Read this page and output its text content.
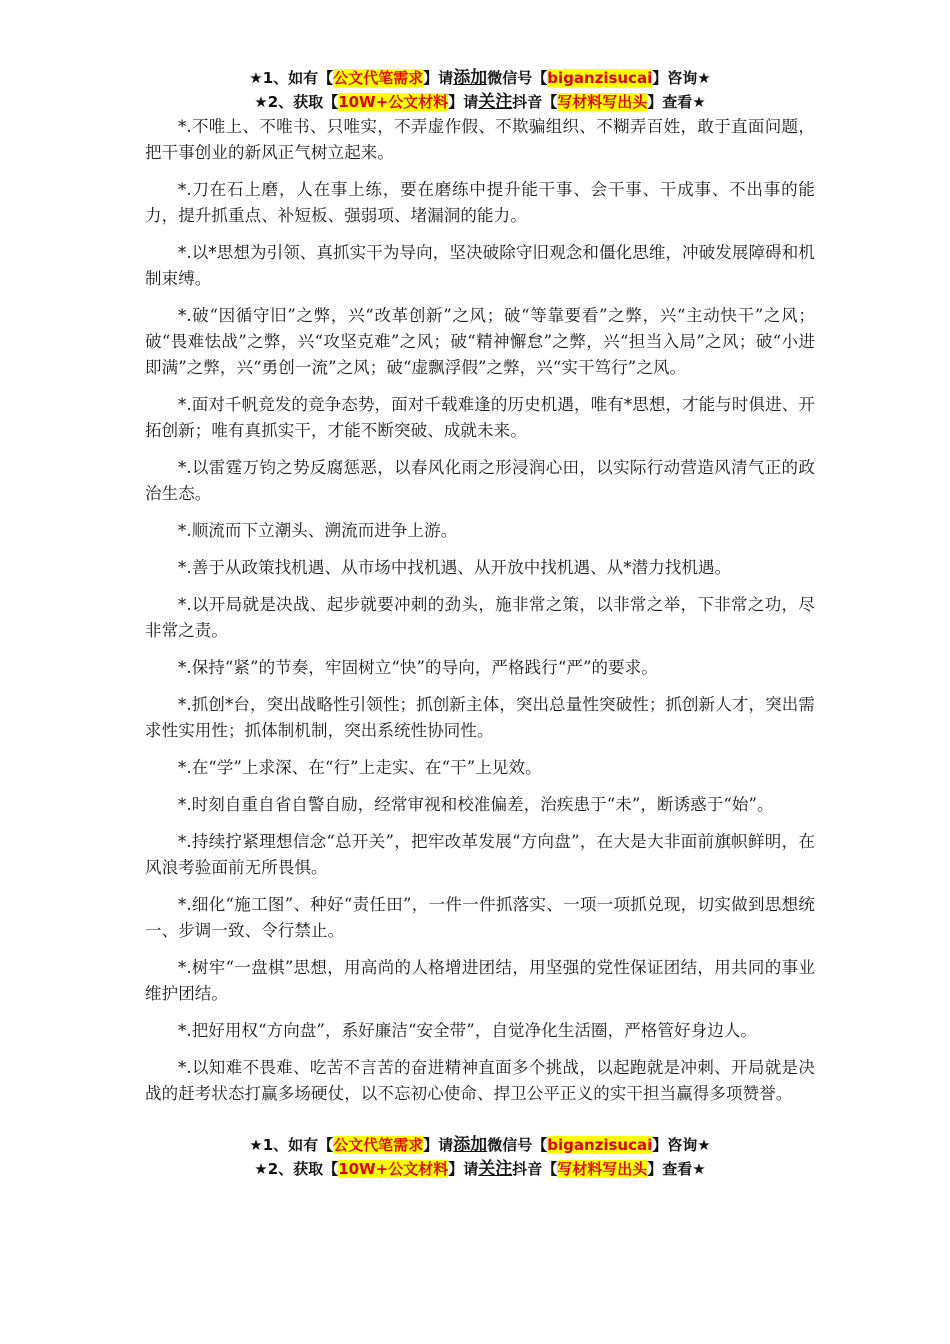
★1、如有【公文代笔需求】请添加微信号【biganzisucai】咨询★
★2、获取【10W+公文材料】请关注抖音【写材料写出头】查看★

*.不唯上、不唯书、只唯实，不弄虚作假、不欺骗组织、不糊弄百姓，敢于直面问题，把干事创业的新风正气树立起来。

*.刀在石上磨，人在事上练，要在磨练中提升能干事、会干事、干成事、不出事的能力，提升抓重点、补短板、强弱项、堵漏洞的能力。

*.以*思想为引领、真抓实干为导向，坚决破除守旧观念和僵化思维，冲破发展障碍和机制束缚。

*.破“因循守旧”之弊，兴“改革创新”之风；破“等靠要看”之弊，兴“主动快干”之风；破“畏难怯战”之弊，兴“攻坚克难”之风；破“精神懈怠”之弊，兴“担当入局”之风；破“小进即满”之弊，兴“勇创一流”之风；破“虚飘浮假”之弊，兴“实干笃行”之风。

*.面对千帆竞发的竞争态势，面对千载难逢的历史机遇，唯有*思想，才能与时俱进、开拓创新；唯有真抓实干，才能不断突破、成就未来。

*.以雷霆万钧之势反腐惩恶，以春风化雨之形浸润心田，以实际行动营造风清气正的政治生态。

*.顺流而下立潮头、溯流而进争上游。

*.善于从政策找机遇、从市场中找机遇、从开放中找机遇、从*潜力找机遇。

*.以开局就是决战、起步就要冲刺的劲头，施非常之策，以非常之举，下非常之功，尽非常之责。

*.保持“紧”的节奏，牢固树立“快”的导向，严格践行“严”的要求。

*.抓创*台，突出战略性引领性；抓创新主体，突出总量性突破性；抓创新人才，突出需求性实用性；抓体制机制，突出系统性协同性。

*.在“学”上求深、在“行”上走实、在“干”上见效。

*.时刻自重自省自警自励，经常审视和校准偏差，治疾患于“未”，断诱惑于“始”。

*.持续拧紧理想信念“总开关”，把牢改革发展“方向盘”，在大是大非面前旗帜鲜明，在风浪考验面前无所畏惧。

*.细化“施工图”、种好“责任田”，一件一件抓落实、一项一项抓兑现，切实做到思想统一、步调一致、令行禁止。

*.树牢“一盘棋”思想，用高尚的人格增进团结，用坚强的党性保证团结，用共同的事业维护团结。

*.把好用权“方向盘”，系好廉洁“安全带”，自觉净化生活圈，严格管好身边人。

*.以知难不畏难、吃苦不言苦的奋进精神直面多个挑战，以起跑就是冲刺、开局就是决战的赶考状态打赢多场硬仗，以不忘初心使命、捍卫公平正义的实干担当赢得多项赞誉。

★1、如有【公文代笔需求】请添加微信号【biganzisucai】咨询★
★2、获取【10W+公文材料】请关注抖音【写材料写出头】查看★
